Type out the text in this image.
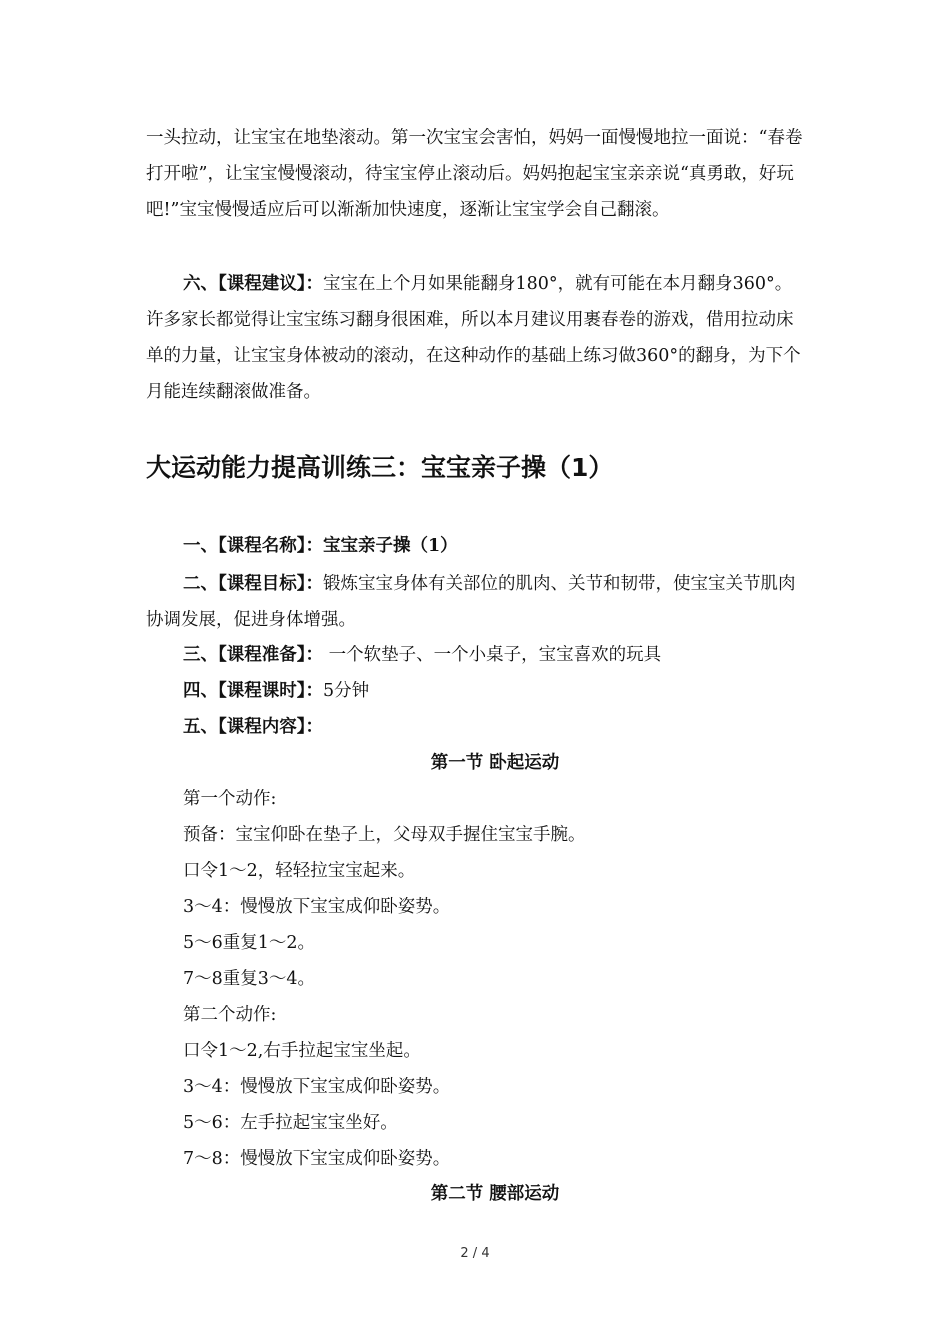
一头拉动，让宝宝在地垫滚动。第一次宝宝会害怕，妈妈一面慢慢地拉一面说：“春卷打开啦”，让宝宝慢慢滚动，待宝宝停止滚动后。妈妈抱起宝宝亲亲说“真勇敢，好玩吧!”宝宝慢慢适应后可以渐渐加快速度，逐渐让宝宝学会自己翻滚。

六、【课程建议】：宝宝在上个月如果能翻身180°，就有可能在本月翻身360°。许多家长都觉得让宝宝练习翻身很困难，所以本月建议用裹春卷的游戏，借用拉动床单的力量，让宝宝身体被动的滚动，在这种动作的基础上练习做360°的翻身，为下个月能连续翻滚做准备。

大运动能力提高训练三：宝宝亲子操（1）

一、【课程名称】：宝宝亲子操（1）

二、【课程目标】：锻炼宝宝身体有关部位的肌肉、关节和韧带，使宝宝关节肌肉协调发展，促进身体增强。

三、【课程准备】： 一个软垫子、一个小桌子，宝宝喜欢的玩具

四、【课程课时】：5分钟

五、【课程内容】：

第一节 卧起运动

第一个动作:

预备：宝宝仰卧在垫子上，父母双手握住宝宝手腕。

口令1～2，轻轻拉宝宝起来。

3～4：慢慢放下宝宝成仰卧姿势。

5～6重复1～2。

7～8重复3～4。

第二个动作:

口令1～2,右手拉起宝宝坐起。

3～4：慢慢放下宝宝成仰卧姿势。

5～6：左手拉起宝宝坐好。

7～8：慢慢放下宝宝成仰卧姿势。

第二节 腰部运动

2 / 4
